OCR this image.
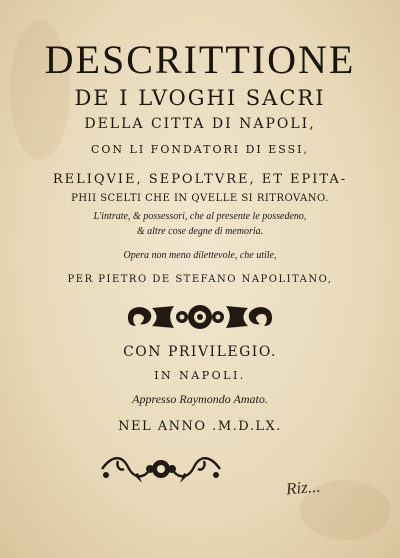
DESCRITTIONE
DE I LVOGHI SACRI
DELLA CITTA DI NAPOLI,
CON LI FONDATORI DI ESSI,
RELIQVIE, SEPOLTVRE, ET EPITA-
PHII SCELTI CHE IN QVELLE SI RITROVANO.
L'intrate, & possessori, che al presente le possedeno,
& altre cose degne di memoria.
Opera non meno dilettevole, che utile,
PER PIETRO DE STEFANO NAPOLITANO,
CON PRIVILEGIO.
IN NAPOLI.
Appresso Raymondo Amato.
NEL ANNO .M.D.LX.
Riz...
